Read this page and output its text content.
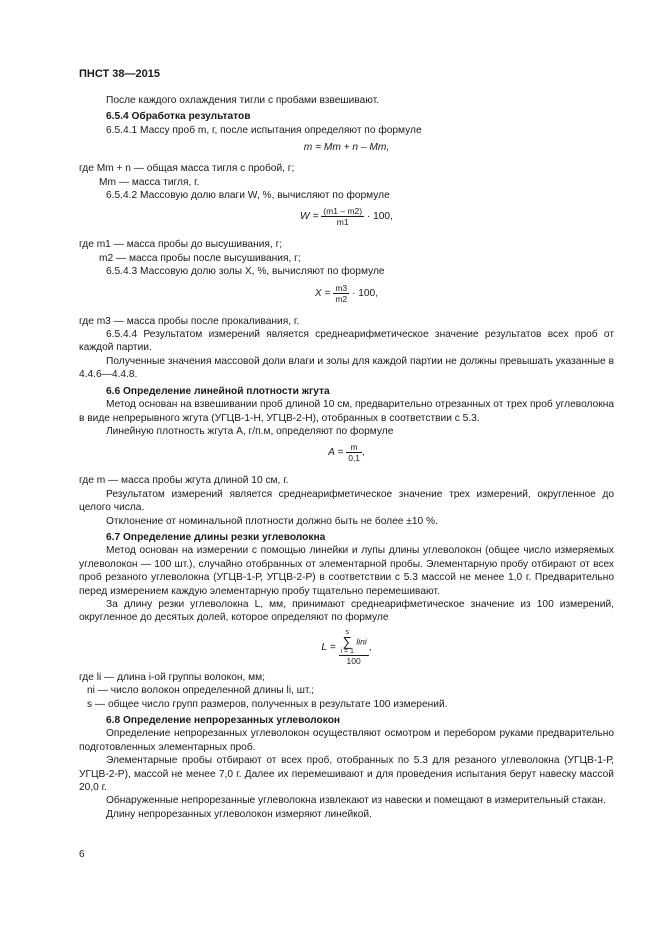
ПНСТ 38—2015

После каждого охлаждения тигли с пробами взвешивают.

6.5.4 Обработка результатов

6.5.4.1 Массу проб m, г, после испытания определяют по формуле

m = Mm + n – Mm,

где Mm + n — общая масса тигля с пробой, г;

Mm — масса тигля, г.

6.5.4.2 Массовую долю влаги W, %, вычисляют по формуле

$W = \frac{(m1 - m2)}{m1} \cdot 100$,

где m1 — масса пробы до высушивания, г;

m2 — масса пробы после высушивания, г;

6.5.4.3 Массовую долю золы X, %, вычисляют по формуле

$X = \frac{m3}{m2} \cdot 100$,

где m3 — масса пробы после прокаливания, г.

6.5.4.4 Результатом измерений является среднеарифметическое значение результатов всех проб от каждой партии.

Полученные значения массовой доли влаги и золы для каждой партии не должны превышать указанные в 4.4.6—4.4.8.

6.6 Определение линейной плотности жгута

Метод основан на взвешивании проб длиной 10 см, предварительно отрезанных от трех проб углеволокна в виде непрерывного жгута (УГЦВ-1-Н, УГЦВ-2-Н), отобранных в соответствии с 5.3.

Линейную плотность жгута A, г/п.м, определяют по формуле

$A = \frac{m}{0,1}$ ,

где m — масса пробы жгута длиной 10 см, г.

Результатом измерений является среднеарифметическое значение трех измерений, округленное до целого числа.

Отклонение от номинальной плотности должно быть не более ±10 %.

6.7 Определение длины резки углеволокна

Метод основан на измерении с помощью линейки и лупы длины углеволокон (общее число измеряемых углеволокон — 100 шт.), случайно отобранных от элементарной пробы. Элементарную пробу отбирают от всех проб резаного углеволокна (УГЦВ-1-Р, УГЦВ-2-Р) в соответствии с 5.3 массой не менее 1,0 г. Предварительно перед измерением каждую элементарную пробу тщательно перемешивают.

За длину резки углеволокна L, мм, принимают среднеарифметическое значение из 100 измерений, округленное до десятых долей, которое определяют по формуле

L = s
∑
i = 1
lini
100 ,

где li — длина i-ой группы волокон, мм;

ni — число волокон определенной длины li, шт.;

s — общее число групп размеров, полученных в результате 100 измерений.

6.8 Определение непрорезанных углеволокон

Определение непрорезанных углеволокон осуществляют осмотром и перебором руками предварительно подготовленных элементарных проб.

Элементарные пробы отбирают от всех проб, отобранных по 5.3 для резаного углеволокна (УГЦВ-1-Р, УГЦВ-2-Р), массой не менее 7,0 г. Далее их перемешивают и для проведения испытания берут навеску массой 20,0 г.

Обнаруженные непрорезанные углеволокна извлекают из навески и помещают в измерительный стакан.

Длину непрорезанных углеволокон измеряют линейкой.

6
